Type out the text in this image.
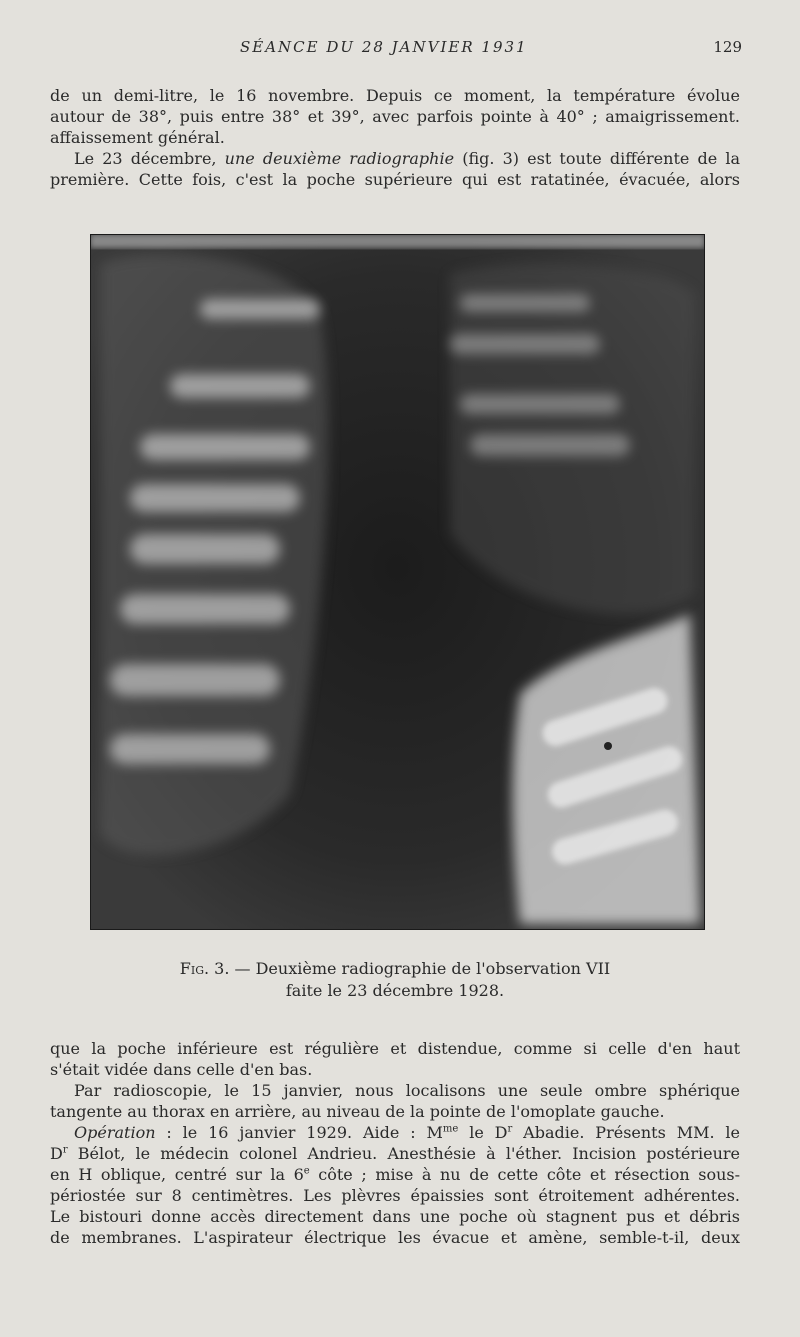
SÉANCE DU 28 JANVIER 1931	129

de un demi-litre, le 16 novembre. Depuis ce moment, la température évolue
autour de 38°, puis entre 38° et 39°, avec parfois pointe à 40° ; amaigrissement.
affaissement général.

Le 23 décembre, une deuxième radiographie (fig. 3) est toute différente de la
première. Cette fois, c'est la poche supérieure qui est ratatinée, évacuée, alors

Fig. 3. — Deuxième radiographie de l'observation VII
faite le 23 décembre 1928.

que la poche inférieure est régulière et distendue, comme si celle d'en haut
s'était vidée dans celle d'en bas.

Par radioscopie, le 15 janvier, nous localisons une seule ombre sphérique
tangente au thorax en arrière, au niveau de la pointe de l'omoplate gauche.

Opération : le 16 janvier 1929. Aide : $M^{me}$ le $D^r$ Abadie. Présents MM. le
$D^r$ Bélot, le médecin colonel Andrieu. Anesthésie à l'éther. Incision postérieure
en H oblique, centré sur la 6e côte ; mise à nu de cette côte et résection sous-
périostée sur 8 centimètres. Les plèvres épaissies sont étroitement adhérentes.
Le bistouri donne accès directement dans une poche où stagnent pus et débris
de membranes. L'aspirateur électrique les évacue et amène, semble-t-il, deux
